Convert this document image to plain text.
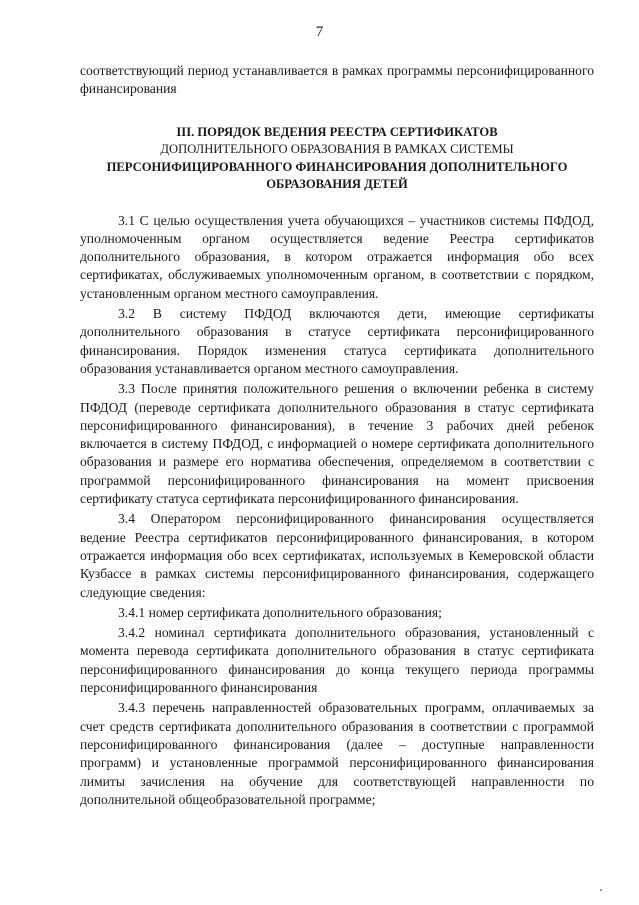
7

соответствующий период устанавливается в рамках программы персонифицированного финансирования

III. ПОРЯДОК ВЕДЕНИЯ РЕЕСТРА СЕРТИФИКАТОВ
ДОПОЛНИТЕЛЬНОГО ОБРАЗОВАНИЯ В РАМКАХ СИСТЕМЫ
ПЕРСОНИФИЦИРОВАННОГО ФИНАНСИРОВАНИЯ ДОПОЛНИТЕЛЬНОГО
ОБРАЗОВАНИЯ ДЕТЕЙ

3.1 С целью осуществления учета обучающихся – участников системы ПФДОД, уполномоченным органом осуществляется ведение Реестра сертификатов дополнительного образования, в котором отражается информация обо всех сертификатах, обслуживаемых уполномоченным органом, в соответствии с порядком, установленным органом местного самоуправления.

3.2 В систему ПФДОД включаются дети, имеющие сертификаты дополнительного образования в статусе сертификата персонифицированного финансирования. Порядок изменения статуса сертификата дополнительного образования устанавливается органом местного самоуправления.

3.3 После принятия положительного решения о включении ребенка в систему ПФДОД (переводе сертификата дополнительного образования в статус сертификата персонифицированного финансирования), в течение 3 рабочих дней ребенок включается в систему ПФДОД, с информацией о номере сертификата дополнительного образования и размере его норматива обеспечения, определяемом в соответствии с программой персонифицированного финансирования на момент присвоения сертификату статуса сертификата персонифицированного финансирования.

3.4 Оператором персонифицированного финансирования осуществляется ведение Реестра сертификатов персонифицированного финансирования, в котором отражается информация обо всех сертификатах, используемых в Кемеровской области Кузбассе в рамках системы персонифицированного финансирования, содержащего следующие сведения:

3.4.1 номер сертификата дополнительного образования;

3.4.2 номинал сертификата дополнительного образования, установленный с момента перевода сертификата дополнительного образования в статус сертификата персонифицированного финансирования до конца текущего периода программы персонифицированного финансирования

3.4.3 перечень направленностей образовательных программ, оплачиваемых за счет средств сертификата дополнительного образования в соответствии с программой персонифицированного финансирования (далее – доступные направленности программ) и установленные программой персонифицированного финансирования лимиты зачисления на обучение для соответствующей направленности по дополнительной общеобразовательной программе;
